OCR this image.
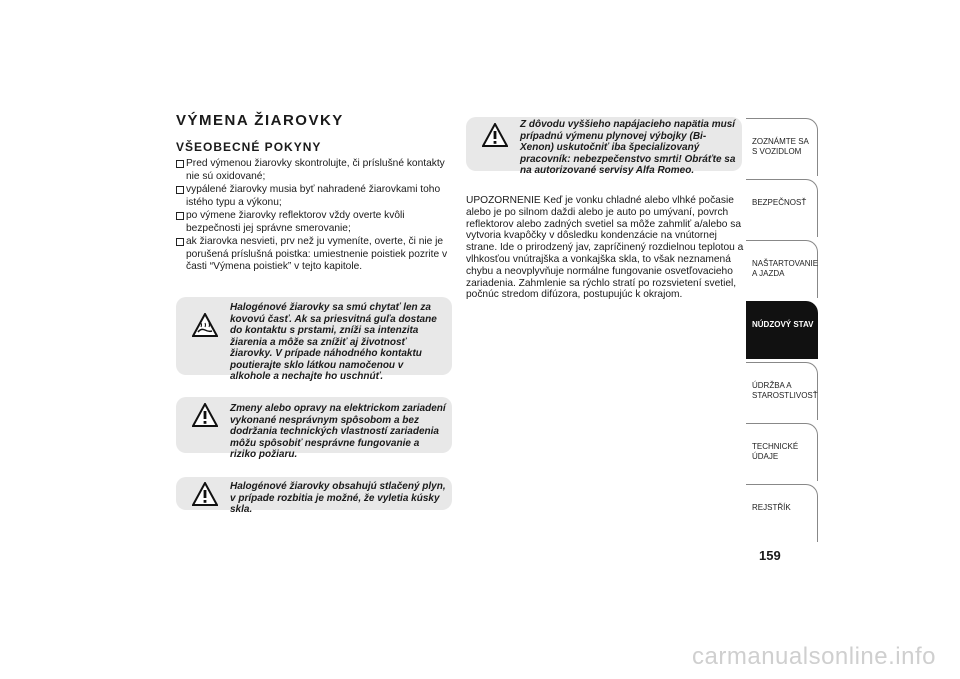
VÝMENA ŽIAROVKY
VŠEOBECNÉ POKYNY
Pred výmenou žiarovky skontrolujte, či príslušné kontakty nie sú oxidované;
vypálené žiarovky musia byť nahradené žiarovkami toho istého typu a výkonu;
po výmene žiarovky reflektorov vždy overte kvôli bezpečnosti jej správne smerovanie;
ak žiarovka nesvieti, prv než ju vymeníte, overte, či nie je porušená príslušná poistka: umiestnenie poistiek pozrite v časti “Výmena poistiek” v tejto kapitole.
Halogénové žiarovky sa smú chytať len za kovovú časť. Ak sa priesvitná guľa dostane do kontaktu s prstami, zníži sa intenzita žiarenia a môže sa znížiť aj životnosť žiarovky. V prípade náhodného kontaktu poutierajte sklo látkou namočenou v alkohole a nechajte ho uschnúť.
Zmeny alebo opravy na elektrickom zariadení vykonané nesprávnym spôsobom a bez dodržania technických vlastností zariadenia môžu spôsobiť nesprávne fungovanie a riziko požiaru.
Halogénové žiarovky obsahujú stlačený plyn, v prípade rozbitia je možné, že vyletia kúsky skla.
Z dôvodu vyššieho napájacieho napätia musí prípadnú výmenu plynovej výbojky (Bi-Xenon) uskutočniť iba špecializovaný pracovník: nebezpečenstvo smrti! Obráťte sa na autorizované servisy Alfa Romeo.
UPOZORNENIE Keď je vonku chladné alebo vlhké počasie alebo je po silnom daždi alebo je auto po umývaní, povrch reflektorov alebo zadných svetiel sa môže zahmliť a/alebo sa vytvoria kvapôčky v dôsledku kondenzácie na vnútornej strane. Ide o prirodzený jav, zapríčinený rozdielnou teplotou a vlhkosťou vnútrajška a vonkajška skla, to však neznamená chybu a neovplyvňuje normálne fungovanie osvetľovacieho zariadenia. Zahmlenie sa rýchlo stratí po rozsvietení svetiel, počnúc stredom difúzora, postupujúc k okrajom.
ZOZNÁMTE SA S VOZIDLOM
BEZPEČNOSŤ
NAŠTARTOVANIE A JAZDA
NÚDZOVÝ STAV
ÚDRŽBA A STAROSTLIVOSŤ
TECHNICKÉ ÚDAJE
REJSTŘÍK
159
carmanualsonline.info
